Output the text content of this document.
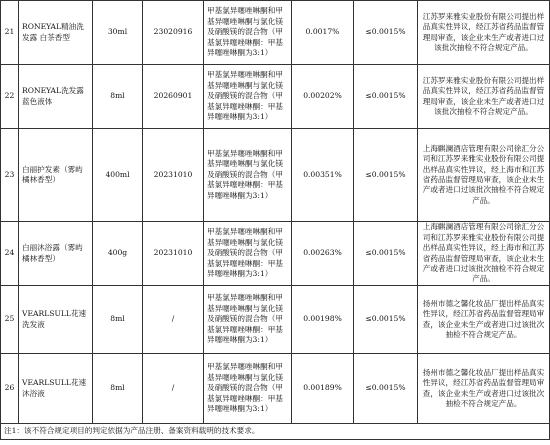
21	RONEYAL精油洗发露 白茶香型	30ml	23020916	甲基氯异噻唑啉酮和甲基异噻唑啉酮与氯化镁及硝酸镁的混合物（甲基氯异噻唑啉酮：甲基异噻唑啉酮为3:1）	0.0017%	≤0.0015%	江苏罗来雅实业股份有限公司提出样品真实性异议，经江苏省药品监督管理局审查，该企业未生产或者进口过该批次抽检不符合规定产品。
22	RONEYAL洗发露 蓝色液体	8ml	20260901	甲基氯异噻唑啉酮和甲基异噻唑啉酮与氯化镁及硝酸镁的混合物（甲基氯异噻唑啉酮：甲基异噻唑啉酮为3:1）	0.00202%	≤0.0015%	江苏罗来雅实业股份有限公司提出样品真实性异议，经江苏省药品监督管理局审查，该企业未生产或者进口过该批次抽检不符合规定产品。
23	白丽护发素（雾屿橘林香型）	400ml	20231010	甲基氯异噻唑啉酮和甲基异噻唑啉酮与氯化镁及硝酸镁的混合物（甲基氯异噻唑啉酮：甲基异噻唑啉酮为3:1）	0.00351%	≤0.0015%	上海麒澜酒店管理有限公司徐汇分公司和江苏罗来雅实业股份有限公司提出样品真实性异议，经上海市和江苏省药品监督管理局审查，该企业未生产或者进口过该批次抽检不符合规定产品。
24	白丽沐浴露（雾屿橘林香型）	400g	20231010	甲基氯异噻唑啉酮和甲基异噻唑啉酮与氯化镁及硝酸镁的混合物（甲基氯异噻唑啉酮：甲基异噻唑啉酮为3:1）	0.00263%	≤0.0015%	上海麒澜酒店管理有限公司徐汇分公司和江苏罗来雅实业股份有限公司提出样品真实性异议，经上海市和江苏省药品监督管理局审查，该企业未生产或者进口过该批次抽检不符合规定产品。
25	VEARLSULL花速洗发液	8ml	/	甲基氯异噻唑啉酮和甲基异噻唑啉酮与氯化镁及硝酸镁的混合物（甲基氯异噻唑啉酮：甲基异噻唑啉酮为3:1）	0.00198%	≤0.0015%	扬州市德之馨化妆品厂提出样品真实性异议，经江苏省药品监督管理局审查，该企业未生产或者进口过该批次抽检不符合规定产品。
26	VEARLSULL花速沐浴液	8ml	/	甲基氯异噻唑啉酮和甲基异噻唑啉酮与氯化镁及硝酸镁的混合物（甲基氯异噻唑啉酮：甲基异噻唑啉酮为3:1）	0.00189%	≤0.0015%	扬州市德之馨化妆品厂提出样品真实性异议，经江苏省药品监督管理局审查，该企业未生产或者进口过该批次抽检不符合规定产品。
注1：该不符合规定项目的判定依据为产品注册、备案资料载明的技术要求。							
